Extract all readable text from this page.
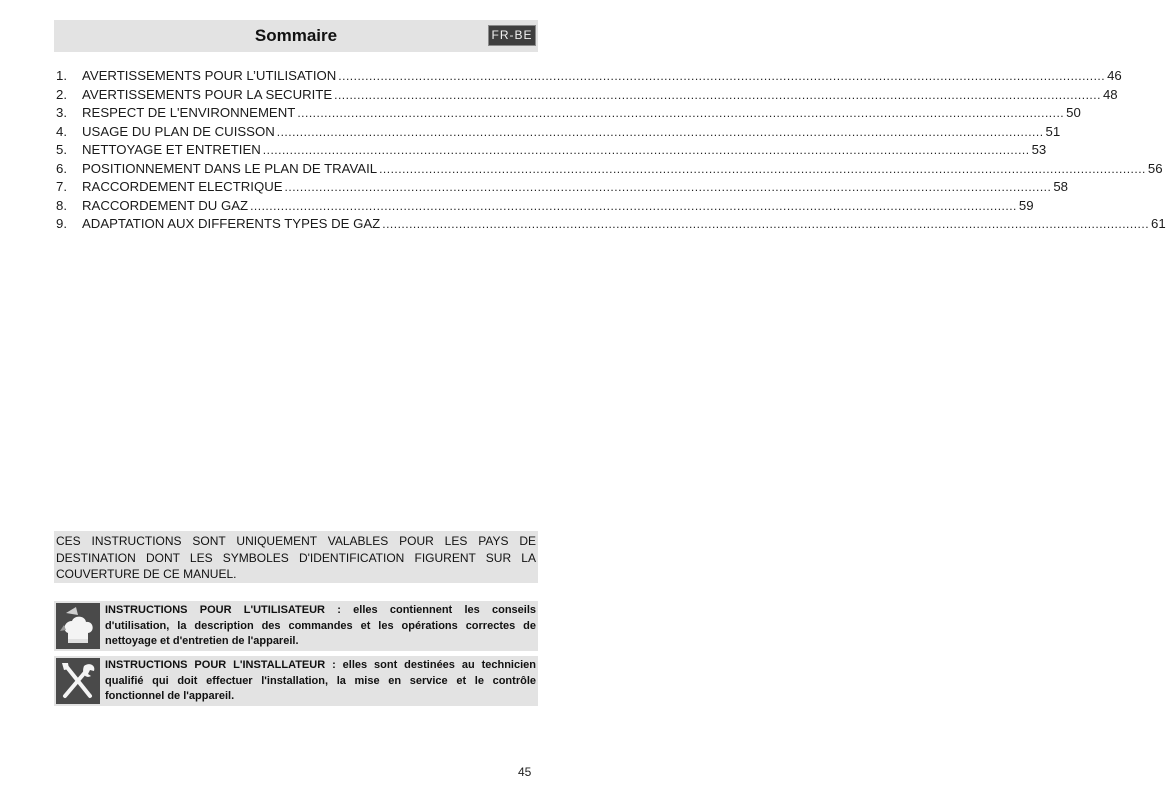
Sommaire	FR-BE
1.	AVERTISSEMENTS POUR L’UTILISATION ........................................................................................................................................................................................................ 46
2.	AVERTISSEMENTS POUR LA SECURITE ........................................................................................................................................................................................................ 48
3.	RESPECT DE L'ENVIRONNEMENT ........................................................................................................................................................................................................ 50
4.	USAGE DU PLAN DE CUISSON ........................................................................................................................................................................................................ 51
5.	NETTOYAGE ET ENTRETIEN ........................................................................................................................................................................................................ 53
6.	POSITIONNEMENT DANS LE PLAN DE TRAVAIL ........................................................................................................................................................................................................ 56
7.	RACCORDEMENT ELECTRIQUE ........................................................................................................................................................................................................ 58
8.	RACCORDEMENT DU GAZ ........................................................................................................................................................................................................ 59
9.	ADAPTATION AUX DIFFERENTS TYPES DE GAZ ........................................................................................................................................................................................................ 61
CES INSTRUCTIONS SONT UNIQUEMENT VALABLES POUR LES PAYS DE DESTINATION DONT LES SYMBOLES D'IDENTIFICATION FIGURENT SUR LA COUVERTURE DE CE MANUEL.
INSTRUCTIONS POUR L'UTILISATEUR : elles contiennent les conseils d'utilisation, la description des commandes et les opérations correctes de nettoyage et d'entretien de l'appareil.
INSTRUCTIONS POUR L'INSTALLATEUR : elles sont destinées au technicien qualifié qui doit effectuer l'installation, la mise en service et le contrôle fonctionnel de l'appareil.
45
